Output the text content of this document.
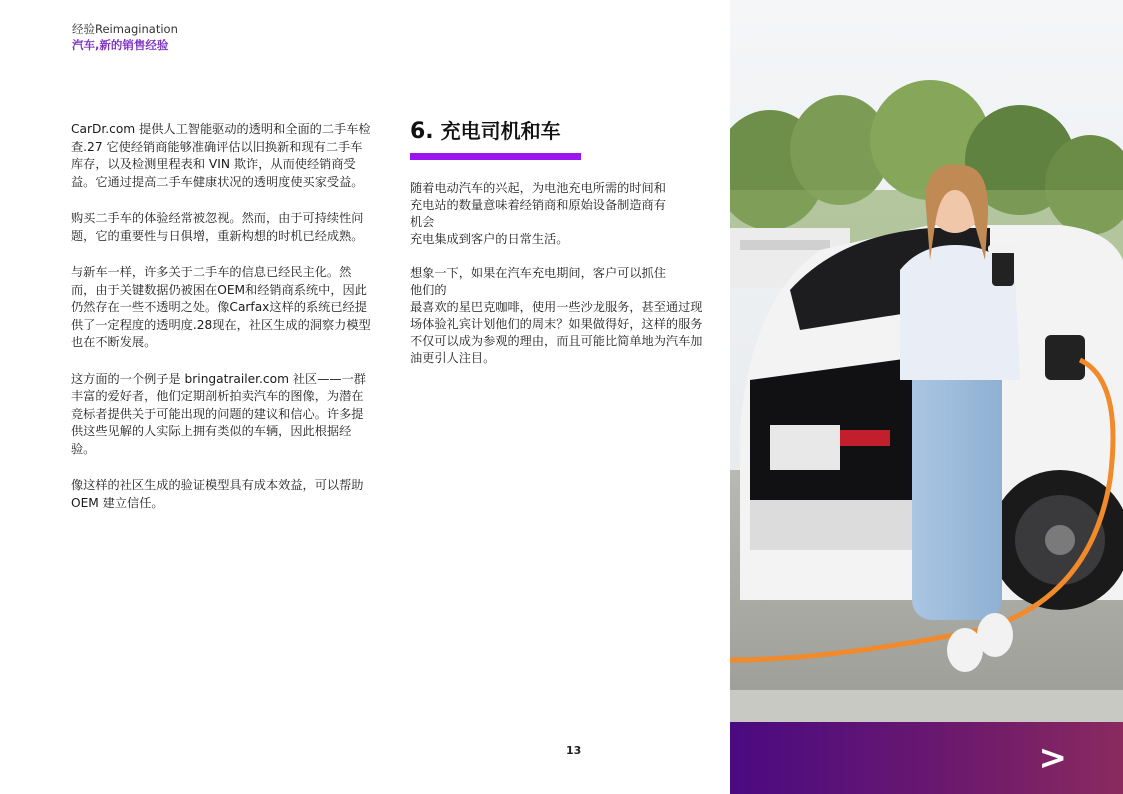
经验Reimagination
汽车,新的销售经验

CarDr.com 提供人工智能驱动的透明和全面的二手车检查.27 它使经销商能够准确评估以旧换新和现有二手车库存，以及检测里程表和 VIN 欺诈，从而使经销商受益。它通过提高二手车健康状况的透明度使买家受益。

购买二手车的体验经常被忽视。然而，由于可持续性问题，它的重要性与日俱增，重新构想的时机已经成熟。

与新车一样，许多关于二手车的信息已经民主化。然而，由于关键数据仍被困在OEM和经销商系统中，因此仍然存在一些不透明之处。像Carfax这样的系统已经提供了一定程度的透明度.28现在，社区生成的洞察力模型也在不断发展。

这方面的一个例子是 bringatrailer.com 社区——一群丰富的爱好者，他们定期剖析拍卖汽车的图像，为潜在竞标者提供关于可能出现的问题的建议和信心。许多提供这些见解的人实际上拥有类似的车辆，因此根据经验。

像这样的社区生成的验证模型具有成本效益，可以帮助 OEM 建立信任。

6. 充电司机和车
随着电动汽车的兴起，为电池充电所需的时间和
充电站的数量意味着经销商和原始设备制造商有
机会
充电集成到客户的日常生活。
想象一下，如果在汽车充电期间，客户可以抓住
他们的
最喜欢的星巴克咖啡，使用一些沙龙服务，甚至通过现
场体验礼宾计划他们的周末？如果做得好，这样的服务
不仅可以成为参观的理由，而且可能比简单地为汽车加
油更引人注目。
>
13
